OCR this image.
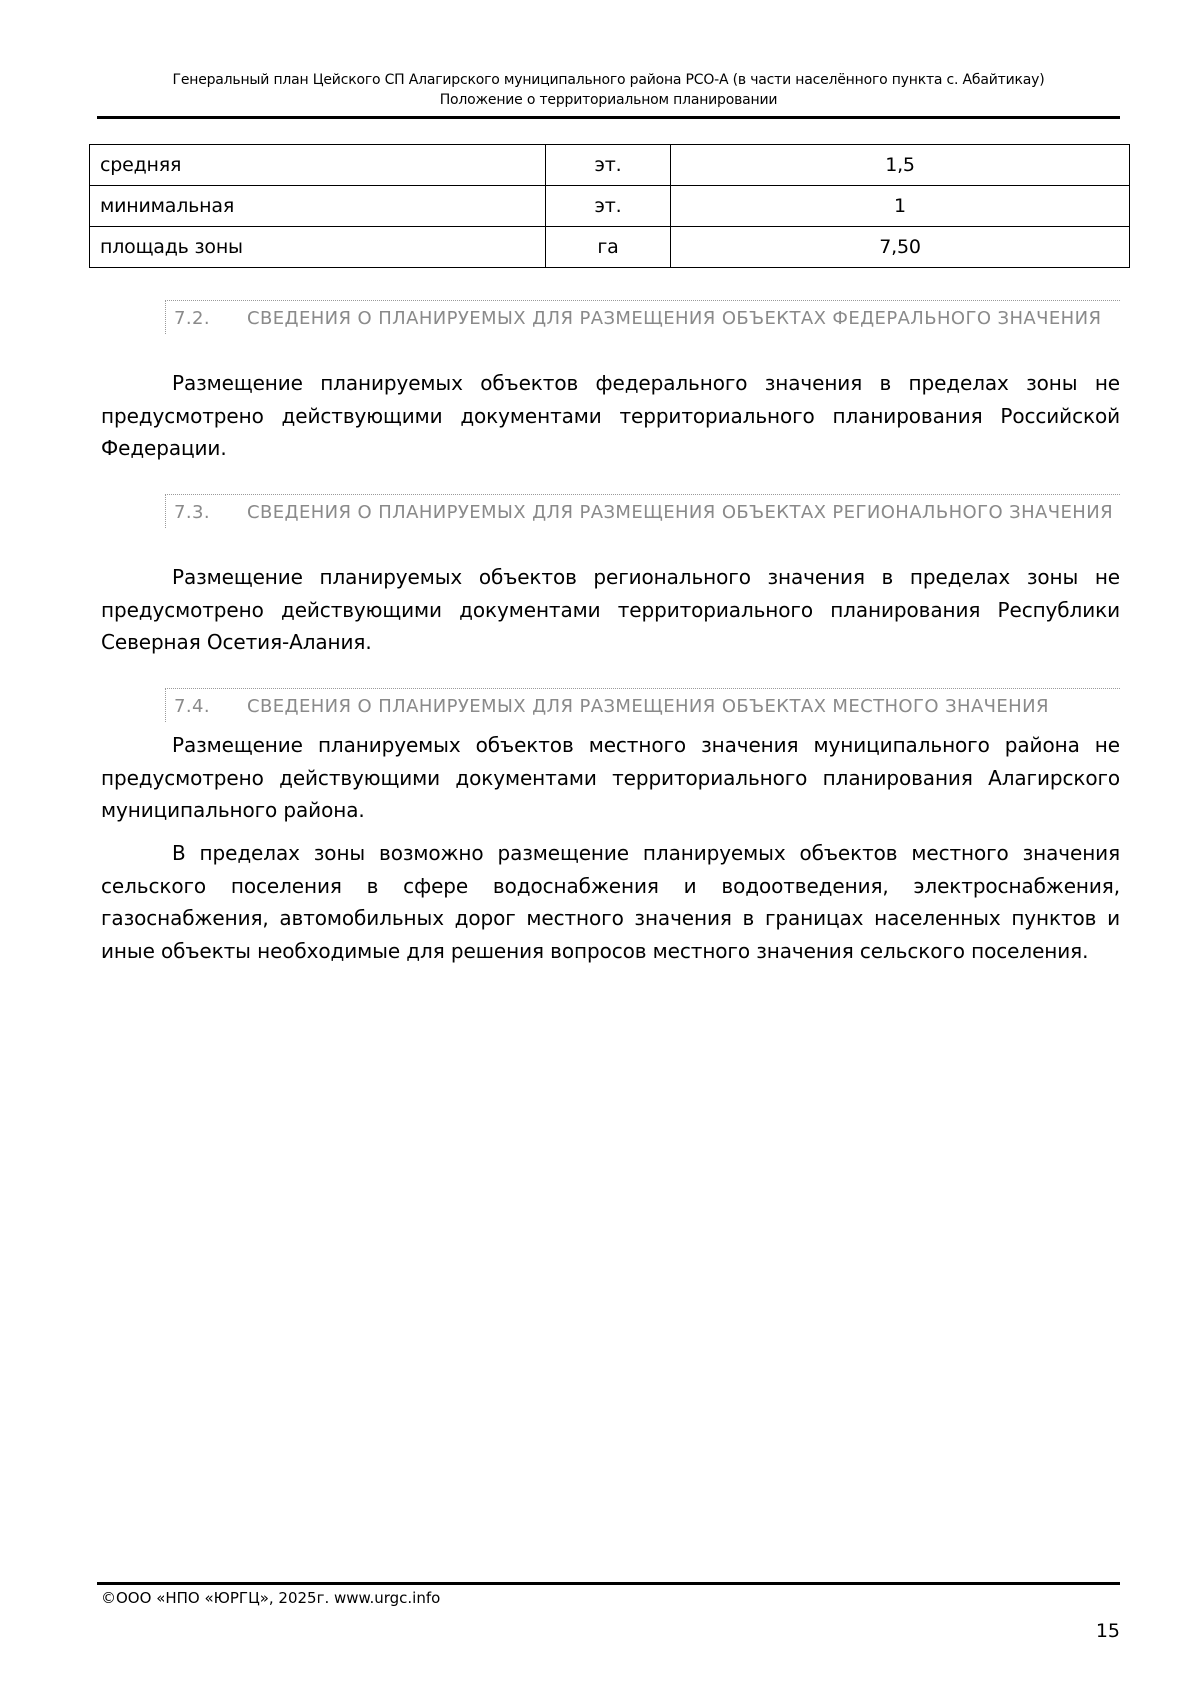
Генеральный план Цейского СП Алагирского муниципального района РСО-А (в части населённого пункта с. Абайтикау)
Положение о территориальном планировании
средняя	эт.	1,5
минимальная	эт.	1
площадь зоны	га	7,50
7.2.	СВЕДЕНИЯ О ПЛАНИРУЕМЫХ ДЛЯ РАЗМЕЩЕНИЯ ОБЪЕКТАХ ФЕДЕРАЛЬНОГО ЗНАЧЕНИЯ
Размещение планируемых объектов федерального значения в пределах зоны не предусмотрено действующими документами территориального планирования Российской Федерации.
7.3.	СВЕДЕНИЯ О ПЛАНИРУЕМЫХ ДЛЯ РАЗМЕЩЕНИЯ ОБЪЕКТАХ РЕГИОНАЛЬНОГО ЗНАЧЕНИЯ
Размещение планируемых объектов регионального значения в пределах зоны не предусмотрено действующими документами территориального планирования Республики Северная Осетия-Алания.
7.4.	СВЕДЕНИЯ О ПЛАНИРУЕМЫХ ДЛЯ РАЗМЕЩЕНИЯ ОБЪЕКТАХ МЕСТНОГО ЗНАЧЕНИЯ
Размещение планируемых объектов местного значения муниципального района не предусмотрено действующими документами территориального планирования Алагирского муниципального района.
В пределах зоны возможно размещение планируемых объектов местного значения сельского поселения в сфере водоснабжения и водоотведения, электроснабжения, газоснабжения, автомобильных дорог местного значения в границах населенных пунктов и иные объекты необходимые для решения вопросов местного значения сельского поселения.
©ООО «НПО «ЮРГЦ», 2025г. www.urgc.info
15
